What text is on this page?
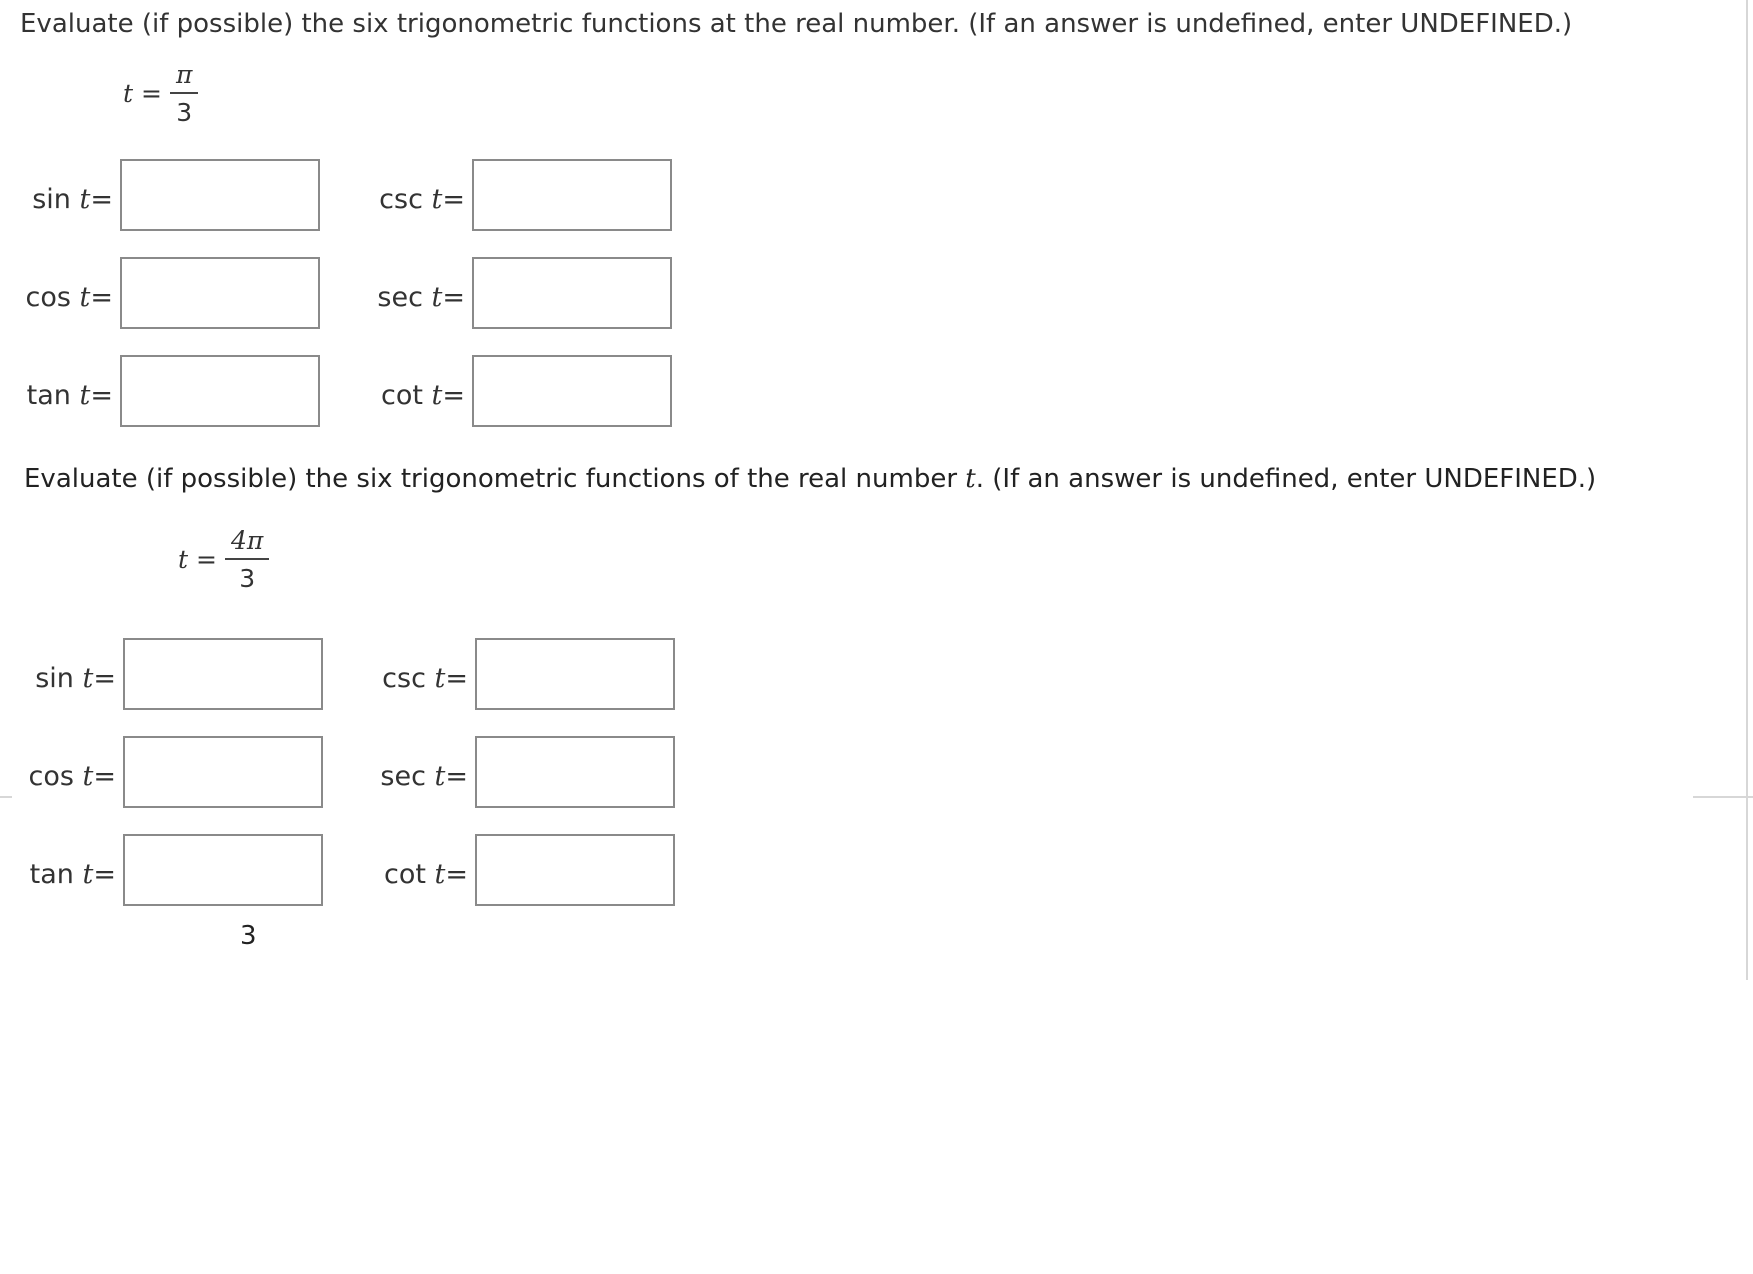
Evaluate (if possible) the six trigonometric functions at the real number. (If an answer is undefined, enter UNDEFINED.)
$t = \frac{\pi}{3}$
sin t=
cos t=
tan t=
csc t=
sec t=
cot t=
Evaluate (if possible) the six trigonometric functions of the real number t. (If an answer is undefined, enter UNDEFINED.)
$t = \frac{4\pi}{3}$
sin t=
cos t=
tan t=
csc t=
sec t=
cot t=
3
